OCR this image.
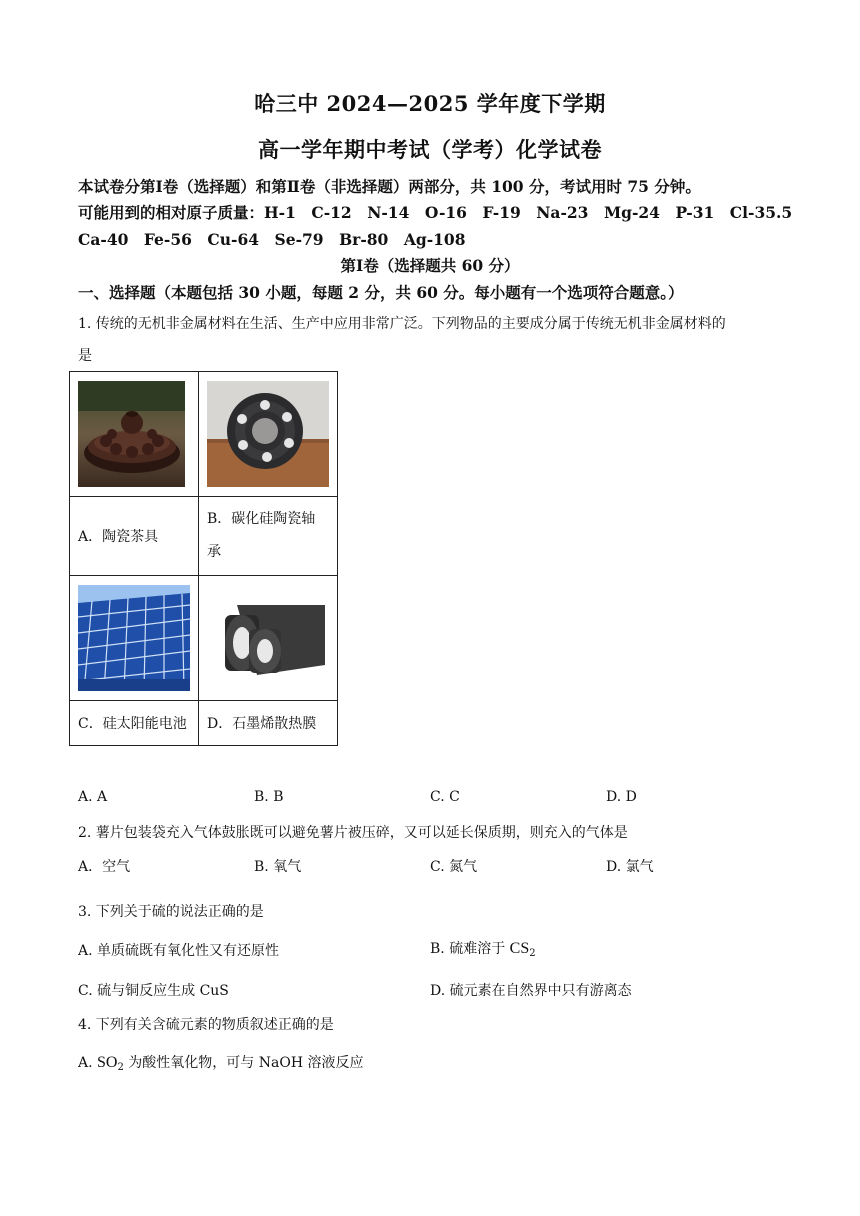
哈三中 2024—2025 学年度下学期
高一学年期中考试（学考）化学试卷
本试卷分第Ⅰ卷（选择题）和第Ⅱ卷（非选择题）两部分，共 100 分，考试用时 75 分钟。
可能用到的相对原子质量：H-1　C-12　N-14　O-16　F-19　Na-23　Mg-24　P-31　Cl-35.5
Ca-40　Fe-56　Cu-64　Se-79　Br-80　Ag-108
第Ⅰ卷（选择题共 60 分）
一、选择题（本题包括 30 小题，每题 2 分，共 60 分。每小题有一个选项符合题意。）
1. 传统的无机非金属材料在生活、生产中应用非常广泛。下列物品的主要成分属于传统无机非金属材料的
是

A．陶瓷茶具	B．碳化硅陶瓷轴
承

C．硅太阳能电池	D．石墨烯散热膜
A. A	B. B	C. C	D. D
2. 薯片包装袋充入气体鼓胀既可以避免薯片被压碎，又可以延长保质期，则充入的气体是
A．空气	B. 氧气	C. 氮气	D. 氯气
3. 下列关于硫的说法正确的是
A. 单质硫既有氧化性又有还原性	B. 硫难溶于 $CS_2$
C. 硫与铜反应生成 CuS	D. 硫元素在自然界中只有游离态
4. 下列有关含硫元素的物质叙述正确的是
A. $SO_2$ 为酸性氧化物，可与 NaOH 溶液反应
